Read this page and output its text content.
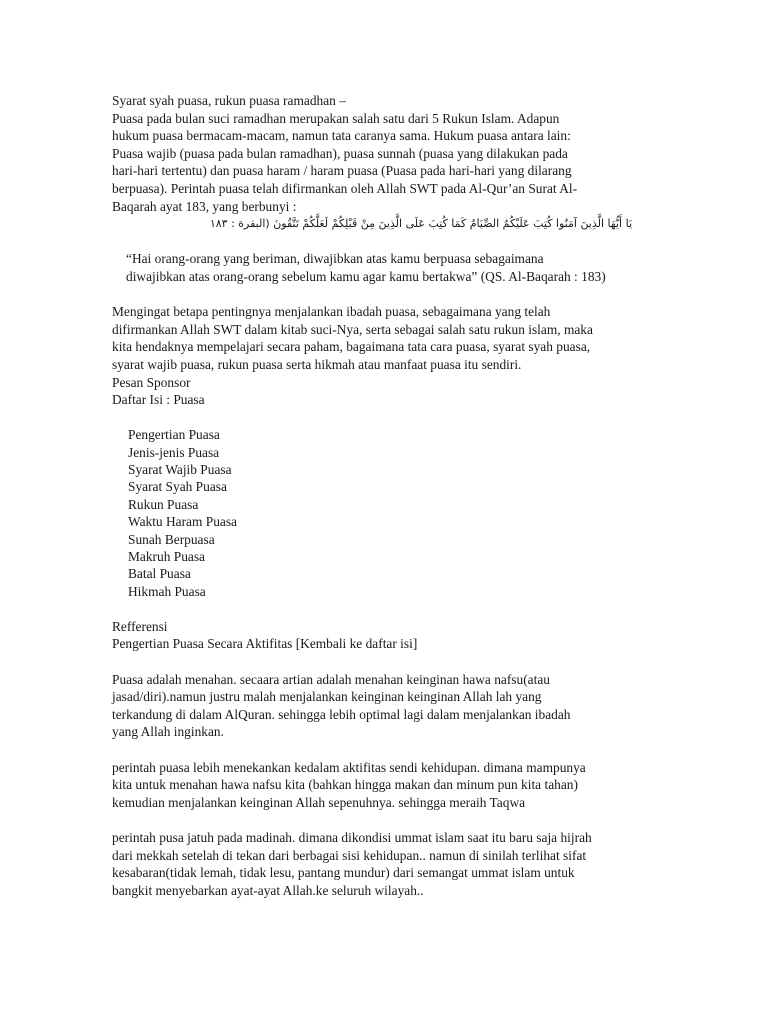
Syarat syah puasa, rukun puasa ramadhan –
Puasa pada bulan suci ramadhan merupakan salah satu dari 5 Rukun Islam. Adapun
hukum puasa bermacam-macam, namun tata caranya sama. Hukum puasa antara lain:
Puasa wajib (puasa pada bulan ramadhan), puasa sunnah (puasa yang dilakukan pada
hari-hari tertentu) dan puasa haram / haram puasa (Puasa pada hari-hari yang dilarang
berpuasa). Perintah puasa telah difirmankan oleh Allah SWT pada Al-Qur’an Surat Al-
Baqarah ayat 183, yang berbunyi :
يَا أَيُّهَا الَّذِينَ آمَنُوا كُتِبَ عَلَيْكُمُ الصِّيَامُ كَمَا كُتِبَ عَلَى الَّذِينَ مِنْ قَبْلِكُمْ لَعَلَّكُمْ تَتَّقُونَ (البقرة : ١٨٣
“Hai orang-orang yang beriman, diwajibkan atas kamu berpuasa sebagaimana
diwajibkan atas orang-orang sebelum kamu agar kamu bertakwa” (QS. Al-Baqarah : 183)
Mengingat betapa pentingnya menjalankan ibadah puasa, sebagaimana yang telah
difirmankan Allah SWT dalam kitab suci-Nya, serta sebagai salah satu rukun islam, maka
kita hendaknya mempelajari secara paham, bagaimana tata cara puasa, syarat syah puasa,
syarat wajib puasa, rukun puasa serta hikmah atau manfaat puasa itu sendiri.
Pesan Sponsor
Daftar Isi : Puasa
Pengertian Puasa
Jenis-jenis Puasa
Syarat Wajib Puasa
Syarat Syah Puasa
Rukun Puasa
Waktu Haram Puasa
Sunah Berpuasa
Makruh Puasa
Batal Puasa
Hikmah Puasa
Refferensi
Pengertian Puasa Secara Aktifitas [Kembali ke daftar isi]
Puasa adalah menahan. secaara artian adalah menahan keinginan hawa nafsu(atau
jasad/diri).namun justru malah menjalankan keinginan keinginan Allah lah yang
terkandung di dalam AlQuran. sehingga lebih optimal lagi dalam menjalankan ibadah
yang Allah inginkan.
perintah puasa lebih menekankan kedalam aktifitas sendi kehidupan. dimana mampunya
kita untuk menahan hawa nafsu kita (bahkan hingga makan dan minum pun kita tahan)
kemudian menjalankan keinginan Allah sepenuhnya. sehingga meraih Taqwa
perintah pusa jatuh pada madinah. dimana dikondisi ummat islam saat itu baru saja hijrah
dari mekkah setelah di tekan dari berbagai sisi kehidupan.. namun di sinilah terlihat sifat
kesabaran(tidak lemah, tidak lesu, pantang mundur) dari semangat ummat islam untuk
bangkit menyebarkan ayat-ayat Allah.ke seluruh wilayah..
